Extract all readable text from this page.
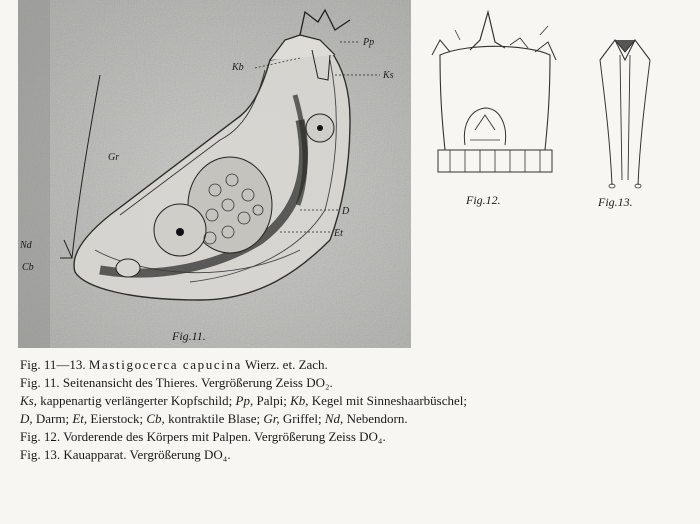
Pp
Kb
Ks
Gr
D
Et
Nd
Cb
Fig.11.
Fig.12.	Fig.13.
Fig. 11—13. Mastigocerca capucina Wierz. et. Zach.
Fig. 11. Seitenansicht des Thieres. Vergrößerung Zeiss DO₂.
Ks, kappenartig verlängerter Kopfschild; Pp, Palpi; Kb, Kegel mit Sinneshaarbüschel;
D, Darm; Et, Eierstock; Cb, kontraktile Blase; Gr, Griffel; Nd, Nebendorn.
Fig. 12. Vorderende des Körpers mit Palpen. Vergrößerung Zeiss DO₄.
Fig. 13. Kauapparat. Vergrößerung DO₄.
